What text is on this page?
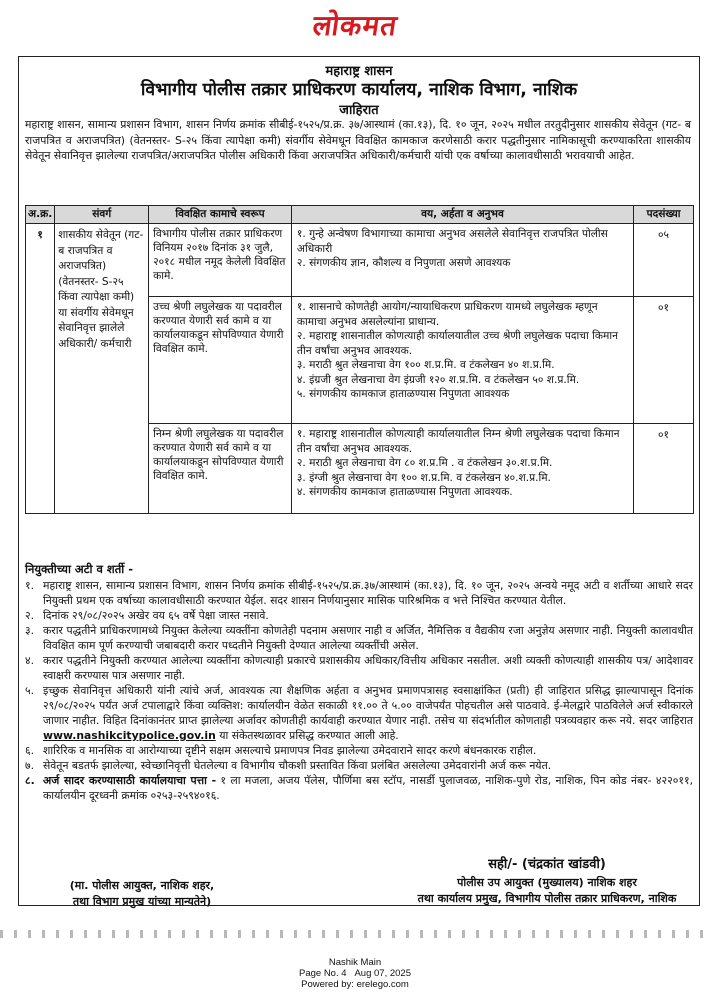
लोकमत
महाराष्ट्र शासन
विभागीय पोलीस तक्रार प्राधिकरण कार्यालय, नाशिक विभाग, नाशिक
जाहिरात
महाराष्ट्र शासन, सामान्य प्रशासन विभाग, शासन निर्णय क्रमांक सीबीई-१५२५/प्र.क्र. ३७/आस्थामं (का.१३), दि. १० जून, २०२५ मधील तरतुदीनुसार शासकीय सेवेतून (गट- ब राजपत्रित व अराजपत्रित) (वेतनस्तर- S-२५ किंवा त्यापेक्षा कमी) संवर्गीय सेवेमधून विवक्षित कामकाज करणेसाठी करार पद्धतीनुसार नामिकासूची करण्याकरिता शासकीय सेवेतून सेवानिवृत्त झालेल्या राजपत्रित/अराजपत्रित पोलीस अधिकारी किंवा अराजपत्रित अधिकारी/कर्मचारी यांची एक वर्षाच्या कालावधीसाठी भरावयाची आहेत.
अ.क्र.	संवर्ग	विवक्षित कामाचे स्वरूप	वय, अर्हता व अनुभव	पदसंख्या
१	शासकीय सेवेतून (गट- ब राजपत्रित व अराजपत्रित) (वेतनस्तर- S-२५ किंवा त्यापेक्षा कमी) या संवर्गीय सेवेमधून सेवानिवृत्त झालेले अधिकारी/ कर्मचारी	विभागीय पोलीस तक्रार प्राधिकरण विनियम २०१७ दिनांक ३१ जुलै, २०१८ मधील नमूद केलेली विवक्षित कामे.	१. गुन्हे अन्वेषण विभागाच्या कामाचा अनुभव असलेले सेवानिवृत्त राजपत्रित पोलीस अधिकारी

२. संगणकीय ज्ञान, कौशल्य व निपुणता असणे आवश्यक	०५
		उच्च श्रेणी लघुलेखक या पदावरील करण्यात येणारी सर्व कामे व या कार्यालयाकडून सोपविण्यात येणारी विवक्षित कामे.	१. शासनाचे कोणतेही आयोग/न्यायाधिकरण प्राधिकरण यामध्ये लघुलेखक म्हणून कामाचा अनुभव असलेल्यांना प्राधान्य.

२. महाराष्ट्र शासनातील कोणत्याही कार्यालयातील उच्च श्रेणी लघुलेखक पदाचा किमान तीन वर्षांचा अनुभव आवश्यक.

३. मराठी श्रुत लेखनाचा वेग १०० श.प्र.मि. व टंकलेखन ४० श.प्र.मि.

४. इंग्रजी श्रुत लेखनाचा वेग इंग्रजी १२० श.प्र.मि. व टंकलेखन ५० श.प्र.मि.

५. संगणकीय कामकाज हाताळण्यास निपुणता आवश्यक	०१
		निम्न श्रेणी लघुलेखक या पदावरील करण्यात येणारी सर्व कामे व या कार्यालयाकडून सोपविण्यात येणारी विवक्षित कामे.	१. महाराष्ट्र शासनातील कोणत्याही कार्यालयातील निम्न श्रेणी लघुलेखक पदाचा किमान तीन वर्षांचा अनुभव आवश्यक.

२. मराठी श्रुत लेखनाचा वेग ८० श.प्र.मि . व टंकलेखन ३०.श.प्र.मि.

३. इंग्जी श्रुत लेखनाचा वेग १०० श.प्र.मि. व टंकलेखन ४०.श.प्र.मि.

४. संगणकीय कामकाज हाताळण्यास निपुणता आवश्यक.	०१
नियुक्तीच्या अटी व शर्ती -
१. महाराष्ट्र शासन, सामान्य प्रशासन विभाग, शासन निर्णय क्रमांक सीबीई-१५२५/प्र.क्र.३७/आस्थामं (का.१३), दि. १० जून, २०२५ अन्वये नमूद अटी व शर्तीच्या आधारे सदर नियुक्ती प्रथम एक वर्षाच्या कालावधीसाठी करण्यात येईल. सदर शासन निर्णयानुसार मासिक पारिश्रमिक व भत्ते निश्चित करण्यात येतील.
२. दिनांक २९/०८/२०२५ अखेर वय ६५ वर्षे पेक्षा जास्त नसावे.
३. करार पद्धतीने प्राधिकरणामध्ये नियुक्त केलेल्या व्यक्तींना कोणतेही पदनाम असणार नाही व अर्जित, नैमित्तिक व वैद्यकीय रजा अनुज्ञेय असणार नाही. नियुक्ती कालावधीत विवक्षित काम पूर्ण करण्याची जबाबदारी करार पध्दतीने नियुक्ती देण्यात आलेल्या व्यक्तींची असेल.
४. करार पद्धतीने नियुक्ती करण्यात आलेल्या व्यक्तींना कोणत्याही प्रकारचे प्रशासकीय अधिकार/वित्तीय अधिकार नसतील. अशी व्यक्ती कोणत्याही शासकीय पत्र/ आदेशावर स्वाक्षरी करण्यास पात्र असणार नाही.
५. इच्छुक सेवानिवृत्त अधिकारी यांनी त्यांचे अर्ज, आवश्यक त्या शैक्षणिक अर्हता व अनुभव प्रमाणपत्रासह स्वसाक्षांकित (प्रती) ही जाहिरात प्रसिद्ध झाल्यापासून दिनांक २९/०८/२०२५ पर्यंत अर्ज टपालाद्वारे किंवा व्यक्तिश: कार्यालयीन वेळेत सकाळी ११.०० ते ५.०० वाजेपर्यंत पोहचतील असे पाठवावे. ई-मेलद्वारे पाठविलेले अर्ज स्वीकारले जाणार नाहीत. विहित दिनांकानंतर प्राप्त झालेल्या अर्जावर कोणतीही कार्यवाही करण्यात येणार नाही. तसेच या संदर्भातील कोणताही पत्रव्यवहार करू नये. सदर जाहिरात www.nashikcitypolice.gov.in या संकेतस्थळावर प्रसिद्ध करण्यात आली आहे.
६. शारिरिक व मानसिक वा आरोग्याच्या दृष्टीने सक्षम असल्याचे प्रमाणपत्र निवड झालेल्या उमेदवाराने सादर करणे बंधनकारक राहील.
७. सेवेतून बडतर्फ झालेल्या, स्वेच्छानिवृत्ती घेतलेल्या व विभागीय चौकशी प्रस्तावित किंवा प्रलंबित असलेल्या उमेदवारांनी अर्ज करू नयेत.
८. अर्ज सादर करण्यासाठी कार्यालयाचा पत्ता - १ ला मजला, अजय पॅलेस, पौर्णिमा बस स्टॉप, नासर्डी पुलाजवळ, नाशिक-पुणे रोड, नाशिक, पिन कोड नंबर- ४२२०११, कार्यालयीन दूरध्वनी क्रमांक ०२५३-२५९४०१६.
(मा. पोलीस आयुक्त, नाशिक शहर,
तथा विभाग प्रमुख यांच्या मान्यतेने)
सही/- (चंद्रकांत खांडवी)
पोलीस उप आयुक्त (मुख्यालय) नाशिक शहर
तथा कार्यालय प्रमुख, विभागीय पोलीस तक्रार प्राधिकरण, नाशिक
Nashik Main
Page No. 4 Aug 07, 2025
Powered by: erelego.com
